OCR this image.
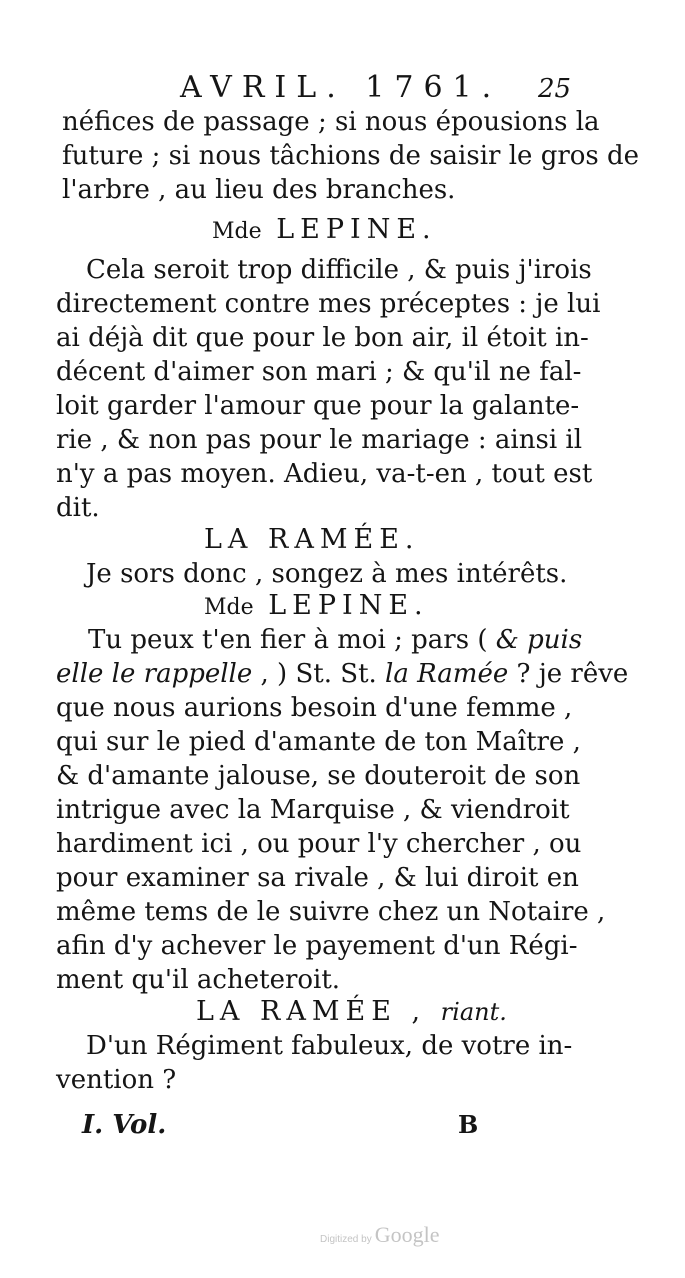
AVRIL. 1761. 25
néfices de passage ; si nous épousions la
future ; si nous tâchions de saisir le gros de
l'arbre , au lieu des branches.
Mde LEPINE.
Cela seroit trop difficile , & puis j'irois
directement contre mes préceptes : je lui
ai déjà dit que pour le bon air, il étoit in-
décent d'aimer son mari ; & qu'il ne fal-
loit garder l'amour que pour la galante-
rie , & non pas pour le mariage : ainsi il
n'y a pas moyen. Adieu, va-t-en , tout est
dit.
LA RAMÉE.
Je sors donc , songez à mes intérêts.
Mde LEPINE.
Tu peux t'en fier à moi ; pars ( & puis
elle le rappelle , ) St. St. la Ramée ? je rêve
que nous aurions besoin d'une femme ,
qui sur le pied d'amante de ton Maître ,
& d'amante jalouse, se douteroit de son
intrigue avec la Marquise , & viendroit
hardiment ici , ou pour l'y chercher , ou
pour examiner sa rivale , & lui diroit en
même tems de le suivre chez un Notaire ,
afin d'y achever le payement d'un Régi-
ment qu'il acheteroit.
LA RAMÉE , riant.
D'un Régiment fabuleux, de votre in-
vention ?
I. Vol.	B
Digitized by Google
